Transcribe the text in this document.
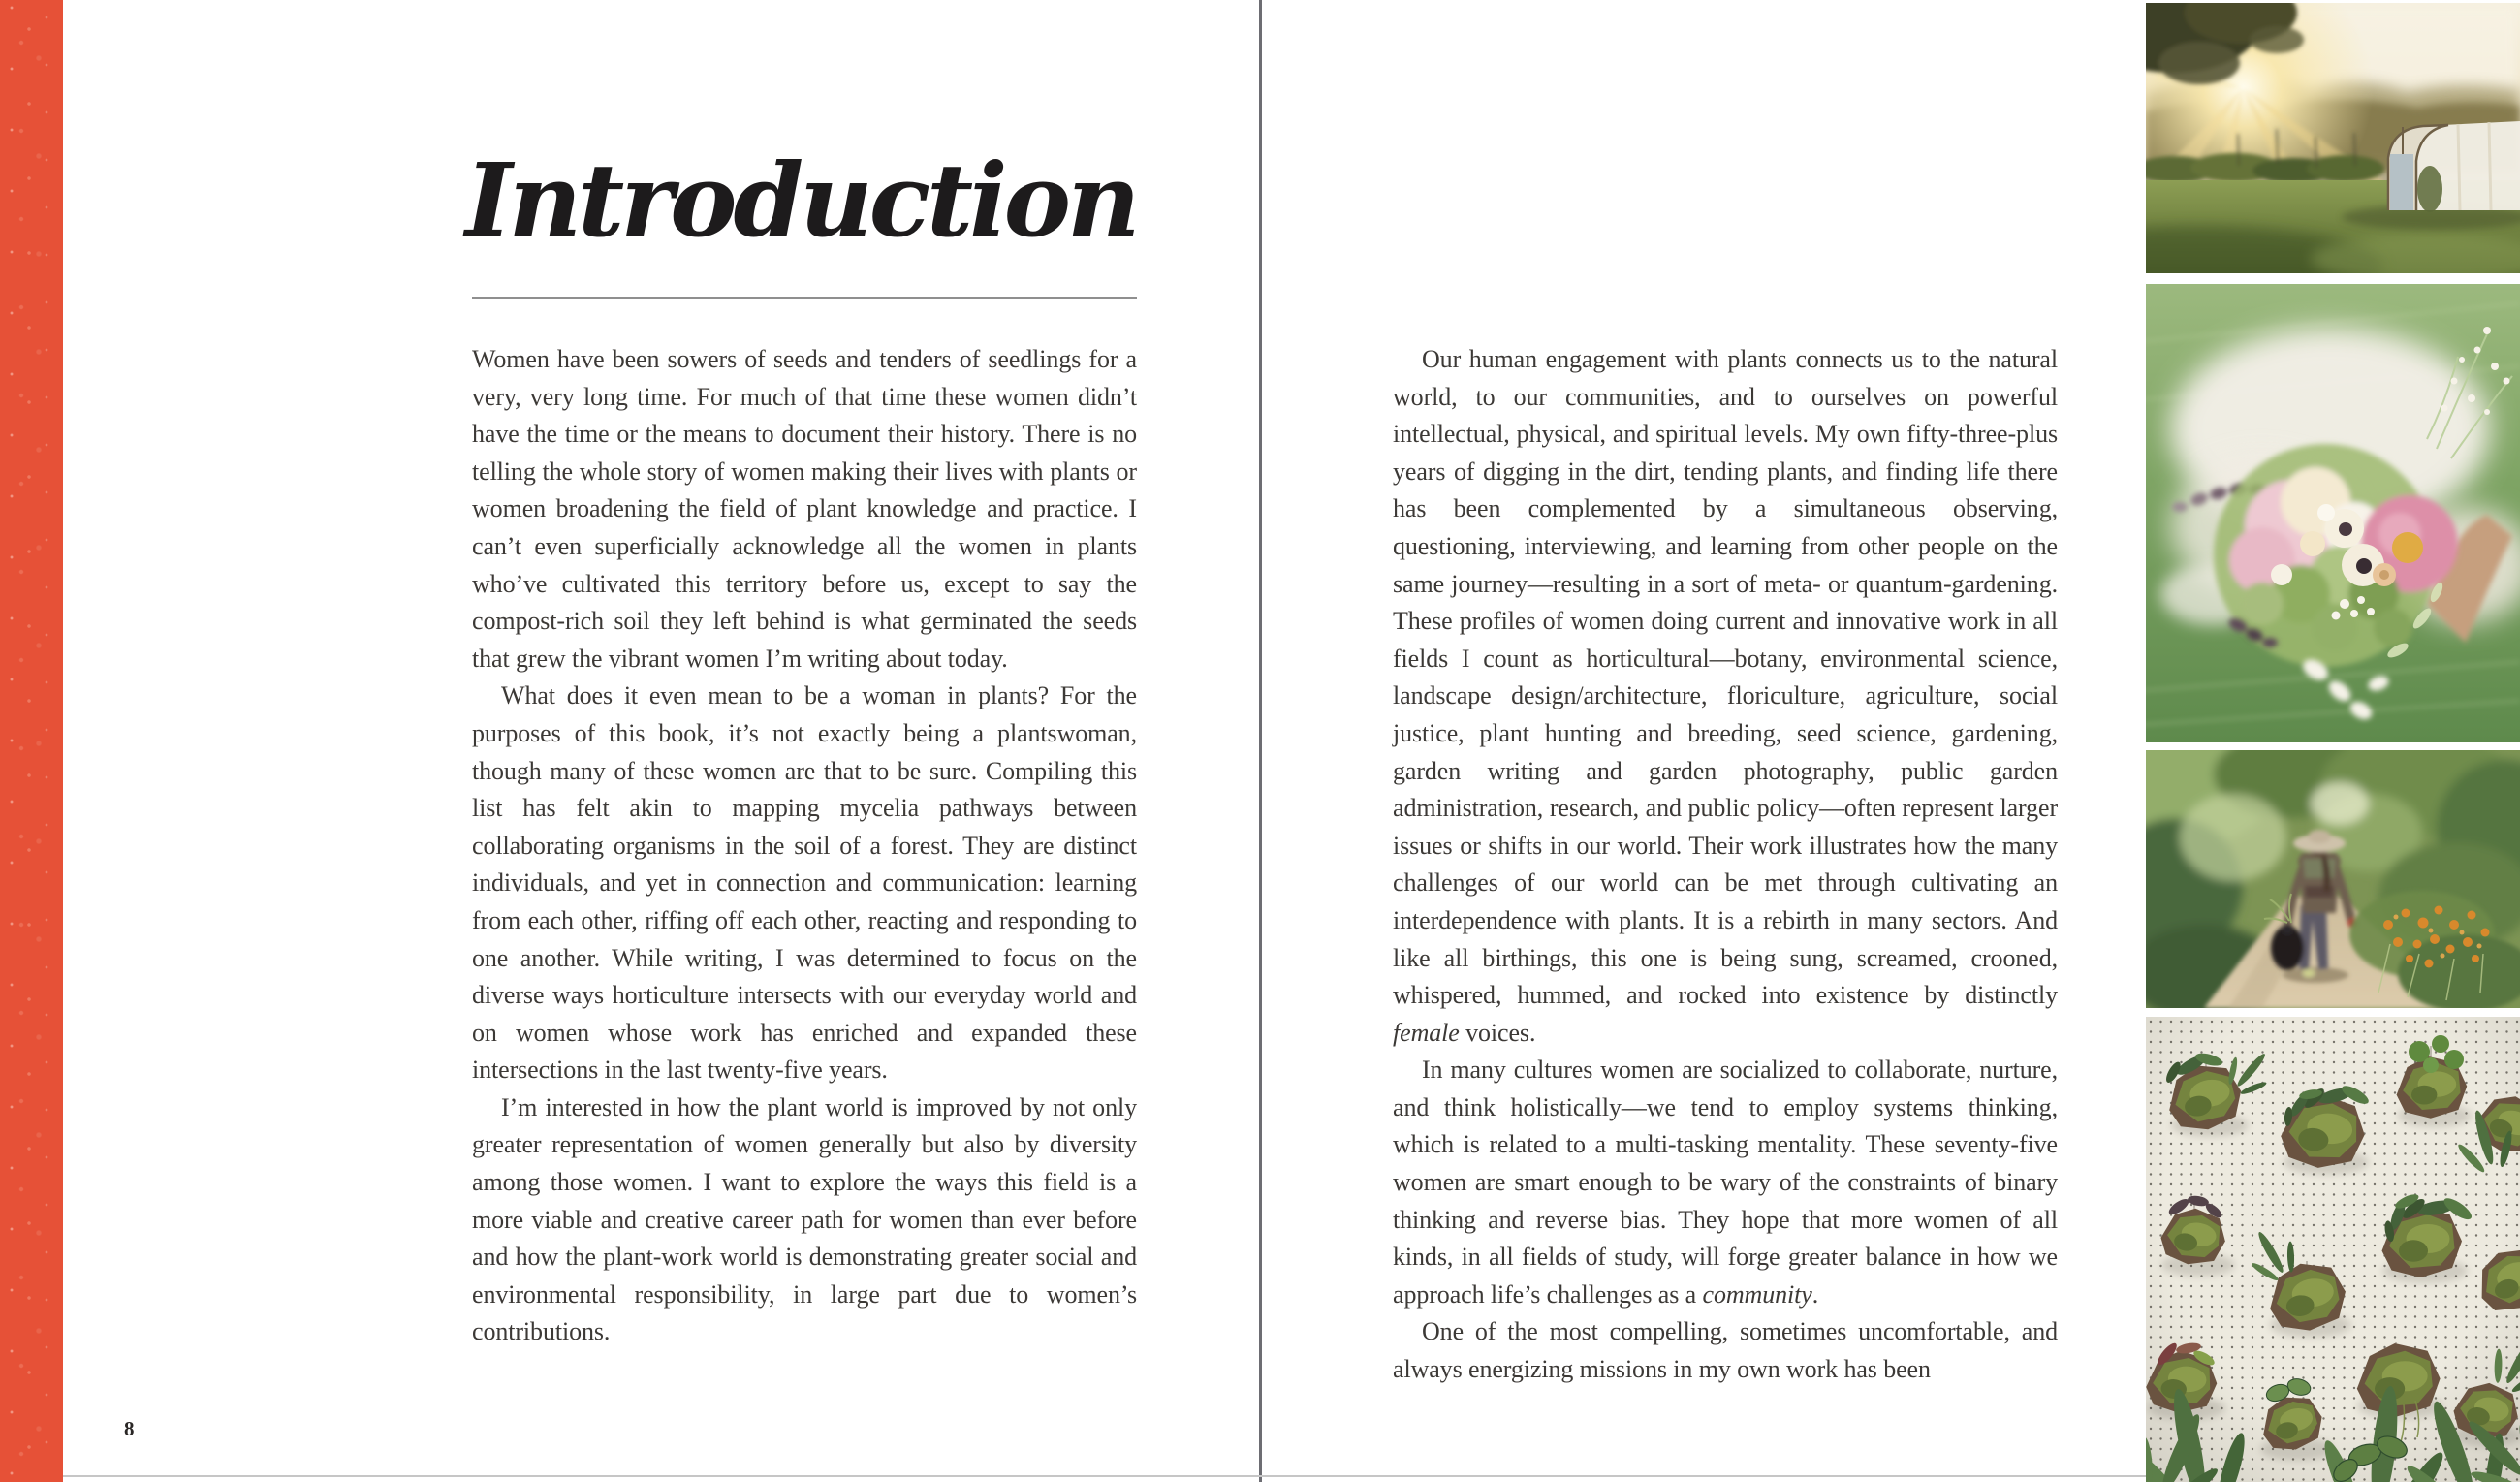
Introduction

Women have been sowers of seeds and tenders of seedlings for a very, very long time. For much of that time these women didn’t have the time or the means to document their history. There is no telling the whole story of women making their lives with plants or women broadening the field of plant knowledge and practice. I can’t even superficially acknowledge all the women in plants who’ve cultivated this territory before us, except to say the compost-rich soil they left behind is what germinated the seeds that grew the vibrant women I’m writing about today.

What does it even mean to be a woman in plants? For the purposes of this book, it’s not exactly being a plantswoman, though many of these women are that to be sure. Compiling this list has felt akin to mapping mycelia pathways between collaborating organisms in the soil of a forest. They are distinct individuals, and yet in connection and communication: learning from each other, riffing off each other, reacting and responding to one another. While writing, I was determined to focus on the diverse ways horticulture intersects with our everyday world and on women whose work has enriched and expanded these intersections in the last twenty-five years.

I’m interested in how the plant world is improved by not only greater representation of women generally but also by diversity among those women. I want to explore the ways this field is a more viable and creative career path for women than ever before and how the plant-work world is demonstrating greater social and environmental responsibility, in large part due to women’s contributions.

8

Our human engagement with plants connects us to the natural world, to our communities, and to ourselves on powerful intellectual, physical, and spiritual levels. My own fifty-three-plus years of digging in the dirt, tending plants, and finding life there has been complemented by a simultaneous observing, questioning, interviewing, and learning from other people on the same journey—resulting in a sort of meta- or quantum-gardening. These profiles of women doing current and innovative work in all fields I count as horticultural—botany, environmental science, landscape design/architecture, floriculture, agriculture, social justice, plant hunting and breeding, seed science, gardening, garden writing and garden photography, public garden administration, research, and public policy—often represent larger issues or shifts in our world. Their work illustrates how the many challenges of our world can be met through cultivating an interdependence with plants. It is a rebirth in many sectors. And like all birthings, this one is being sung, screamed, crooned, whispered, hummed, and rocked into existence by distinctly female voices.

In many cultures women are socialized to collaborate, nurture, and think holistically—we tend to employ systems thinking, which is related to a multi-tasking mentality. These seventy-five women are smart enough to be wary of the constraints of binary thinking and reverse bias. They hope that more women of all kinds, in all fields of study, will forge greater balance in how we approach life’s challenges as a community.

One of the most compelling, sometimes uncomfortable, and always energizing missions in my own work has been
